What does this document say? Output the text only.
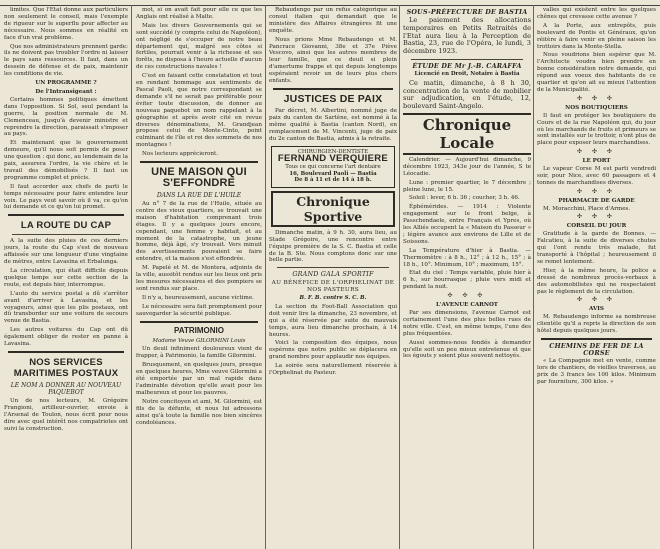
limites. Que l'Etat donne aux particuliers non seulement le conseil, mais l'exemple de rigueur sur le superflu pour affecter au nécessaire. Nous sommes en réalité en face d'un vrai problème.

Que nos administrateurs prennent garde: ils ne doivent pas troubler l'ordre ni laisser le pays sans ressources. Il faut, dans un dessein de défense et de paix, maintenir les conditions de vie.

UN PROGRAMME ?
De l'Intransigeant :

Certains hommes politiques émettent dans l'opposition. Si Sol, seul pendant la guerre, la position normale de M. Clemenceau, jusqu'à devenir ministre et reprendre la direction, paraissait s'imposer au pays.

Et maintenant que le gouvernement demeure, qu'il nous soit permis de poser une question : qui donc, au lendemain de la paix, assurera l'ordre, la vie chère et le travail des démobilisés ? Il faut un programme complet et précis.

Il faut accorder aux chefs de parti le temps nécessaire pour faire entendre leur voix. Le pays veut savoir où il va, ce qu'on lui demande et ce qu'on lui promet.

LA ROUTE DU CAP

A la suite des pluies de ces derniers jours, la route du Cap s'est de nouveau affaissée sur une longueur d'une vingtaine de mètres, entre Lavasina et Erbalunga.

La circulation, qui était difficile depuis quelque temps sur cette section de la route, est depuis hier, interrompue.

L'auto du service postal a dû s'arrêter avant d'arriver à Lavasina, et les voyageurs, ainsi que les plis postaux, ont dû transborder sur une voiture de secours venue de Bastia.

Les autres voitures du Cap ont dû également obliger de rester en panne à Lavasina.

NOS SERVICES MARITIMES POSTAUX
LE NOM A DONNER AU NOUVEAU PAQUEBOT

Un de nos lecteurs, M. Grégoire Frangioni, artilleur-ouvrier, envoie à l'Arsenal de Toulon, nous écrit pour nous dire avec quel intérêt nos compatriotes ont suivi la construction.

mot, si on avait fait pour elle ce que les Anglais ont réalisé à Malte.

Mais les divers Gouvernements qui se sont succédé (y compris celui de Napoléon), ont négligé de s'occuper de notre beau département qui, malgré ses côtes si fertiles, pourrait venir à la richesse et ses forêts, ne disposa à l'heure actuelle d'aucun de ces constructions navales !

C'est en faisant cette constatation et tout en rendant hommage aux sentiments de Pascal Paoli, que notre correspondant se demande s'il ne serait pas préférable pour éviter toute discussion, de donner au nouveau paquebot un nom rappelant à la géographie et après avoir cité en revue diverses dénominations, M. Grandjean propose celui de Monte-Cinto, point culminant de l'île et roi des sommets de nos montagnes !

Nos lecteurs apprécieront.

UNE MAISON QUI S'EFFONDRE
DANS LA RUE DE L'HUILE

Au n° 7 de la rue de l'Huile, située au centre des vieux quartiers, se trouvait une maison d'habitation comprenant trois étages. Il y a quelques jours encore, cependant, une femme y habitait, et au moment de la catastrophe, un jeune homme, déjà âgé, s'y trouvait. Vers minuit des avertissements pouvaient se faire entendre, et la maison s'est effondrée.

M. Papelé et M. de Montera, adjoints de la ville, aussitôt rendus sur les lieux ont pris les mesures nécessaires et des pompiers se sont rendus sur place.

Il n'y a, heureusement, aucune victime.

Le nécessaire sera fait promptement pour sauvegarder la sécurité publique.

PATRIMONIO
Madame Veuve GILORMINI Louis

Un deuil infiniment douloureux vient de frapper, à Patrimonio, la famille Gilormini.

Brusquement, en quelques jours, presque en quelques heures, Mme veuve Gilormini a été emportée par un mal rapide dans l'admirable dévotion qu'elle avait pour les malheureux et pour les pauvres.

Notre concitoyen et ami, M. Gilormini, est fils de la défunte, et nous lui adressons ainsi qu'à toute la famille nos bien sincères condoléances.

Rebaudengo par un refus catégorique au consul italien qui demandait que le ministère des Affaires étrangères fit une enquête.

Nous prions Mme Rebaudengo et M. Pancrace Giovanni, 38e et 37e Piève Vescovo, ainsi que les autres membres de leur famille, que ce deuil si plein d'amertume frappe et qui depuis longtemps espéraient revoir un de leurs plus chers enfants.

JUSTICES DE PAIX

Par décret, M. Albertini, nommé juge de paix du canton de Sartène, est nommé à la même qualité à Bastia (canton Nord), en remplacement de M. Vincenti, juge de paix du 2e canton de Bastia, admis à la retraite.

CHIRURGIEN-DENTISTE
FERNAND VERQUIERE
Tous ce qui concerne l'art dentaire
16, Boulevard Paoli — Bastia
De 8 à 11 et de 14 à 18 h.
Chronique Sportive

Dimanche matin, à 9 h. 30, aura lieu, au Stade Grégoire, une rencontre entre l'équipe première de la S. C. Bastia et celle de la B. Ste. Nous comptons donc sur une belle partie.

GRAND GALA SPORTIF
AU BÉNÉFICE DE L'ORPHELINAT DE NOS PASTEURS
B. F. B. contre S. C. B.

La section du Foot-Ball Association qui doit venir lire la dimanche, 23 novembre, et qui a été réservée par suite du mauvais temps, aura lieu dimanche prochain, à 14 heures.

Voici la composition des équipes, nous espérons que notre public se déplacera en grand nombre pour applaudir nos équipes.

La soirée sera naturellement réservée à l'Orphelinat du Pasteur.

SOUS-PRÉFECTURE DE BASTIA

Le paiement des allocations temporaires en Petits Retraités de l'Etat aura lieu à la Perception de Bastia, 23, rue de l'Opéra, le lundi, 3 décembre 1923.

ÉTUDE DE Mr J.-B. CARAFFA
Licencié en Droit, Notaire à Bastia

Ce matin, dimanche, à 8 h 30, concentration de la vente de mobilier sur adjudication, en l'étude, 12, boulevard Saint-Angelo.

Chronique Locale

Calendrier. — Aujourd'hui dimanche, 9 décembre 1923, 343e jour de l'année, S te Léocadie.

Lune : premier quartier, le 7 décembre ; pleine lune, le 15.

Soleil : lever, 6 h. 36 ; coucher, 3 h. 46.

Éphémérides. — 1914 : Violente engagement sur le front belge, à Passchendaele, entre Français et Ypres, où les Alliés occupent la « Maison du Passeur » ; légère avance aux environs de Lille et de Soissons.

La Température d'hier à Bastia. — Thermomètre : à 8 h., 12° ; à 12 h., 15° ; à 18 h., 10°. Minimum, 10° ; maximum, 15°.

Etat du ciel : Temps variable, pluie hier à 6 h., sur bourrasque ; pluie vers midi et pendant la nuit.

✣ ✣ ✣
L'AVENUE CARNOT

Par ses dimensions, l'avenue Carnot est certainement l'une des plus belles rues de notre ville. C'est, en même temps, l'une des plus fréquentées.

Aussi sommes-nous fondés à demander qu'elle soit un peu mieux entretenue et que les égouts y soient plus souvent nettoyés.

valles qui existent entre les quelques chênes qui crevasse cette avenue ?

A la Porte, aux entrepôts, puis boulevard de Pontis et Généraux, qu'on réitère à faire venir en pleine saison les trottoirs dans la Monte-Stella.

Nous voudrions bien espérer que M. l'Architecte voudra bien prendre en bonne considération notre demande, qui répond aux voeux des habitants de ce quartier et qu'on ait su mieux l'attention de la Municipalité.

✣ ✣ ✣
NOS BOUTIQUIERS

Il faut en protéger les boutiquiers du Cours et de la rue Napoléon qui, du jour où les marchands de fruits et primeurs se sont installés sur le trottoir, n'ont plus de place pour exposer leurs marchandises.

✣ ✣ ✣
LE PORT

Le vapeur Corse M est parti vendredi soir, pour Nice, avec 60 passagers et 4 tonnes de marchandises diverses.

✣ ✣ ✣
PHARMACIE DE GARDE

M. Moracchini, Place d'Armes.

✣ ✣ ✣
CORSEIL DU JOUR

Gratitude à la garde de Bonnes. — Falcatieu, à la suite de diverses chutes qui l'ont rendu très malade, fut transporté à l'hôpital ; heureusement il se remet lentement.

Hier, à la même heure, la police a dressé de nombreux procès-verbaux à des automobilistes qui ne respectaient pas le règlement de la circulation.

✣ ✣ ✣
AVIS

M. Rebaudengo informe sa nombreuse clientèle qu'il a repris la direction de son hôtel depuis quelques jours.

CHEMINS DE FER DE LA CORSE

« La Compagnie met en vente, comme lors de chantiers, de vieilles traverses, au prix de 3 francs les 100 kilos. Minimum par fourniture, 300 kilos. »
